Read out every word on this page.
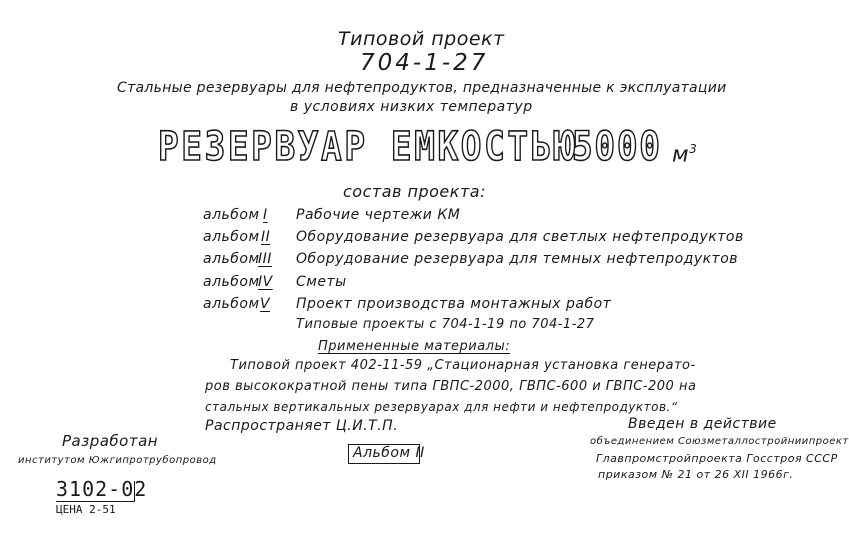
Типовой проект
704-1-27
Стальные резервуары для нефтепродуктов, предназначенные к эксплуатации
в условиях низких температур
РЕЗЕРВУАР ЕМКОСТЬЮ
5000 $м^3$
состав проекта:
альбом I Рабочие чертежи КМ
альбом II Оборудование резервуара для светлых нефтепродуктов
альбом
III Оборудование резервуара для темных нефтепродуктов
альбом
IV Сметы
альбом V Проект производства монтажных работ
Типовые проекты с 704-1-19 по 704-1-27
Примененные материалы:
Типовой проект 402-11-59 „Стационарная установка генерато-
ров высокократной пены типа ГВПС-2000, ГВПС-600 и ГВПС-200 на
стальных вертикальных резервуарах для нефти и нефтепродуктов.“
Распространяет Ц.И.Т.П.
Разработан
институтом Южгипротрубопровод	Альбом II
3102-02
ЦЕНА 2-51
Введен в действие
объединением Союзметаллостройниипроект
Главпромстройпроекта Госстроя СССР
приказом № 21 от 26 XII 1966г.
